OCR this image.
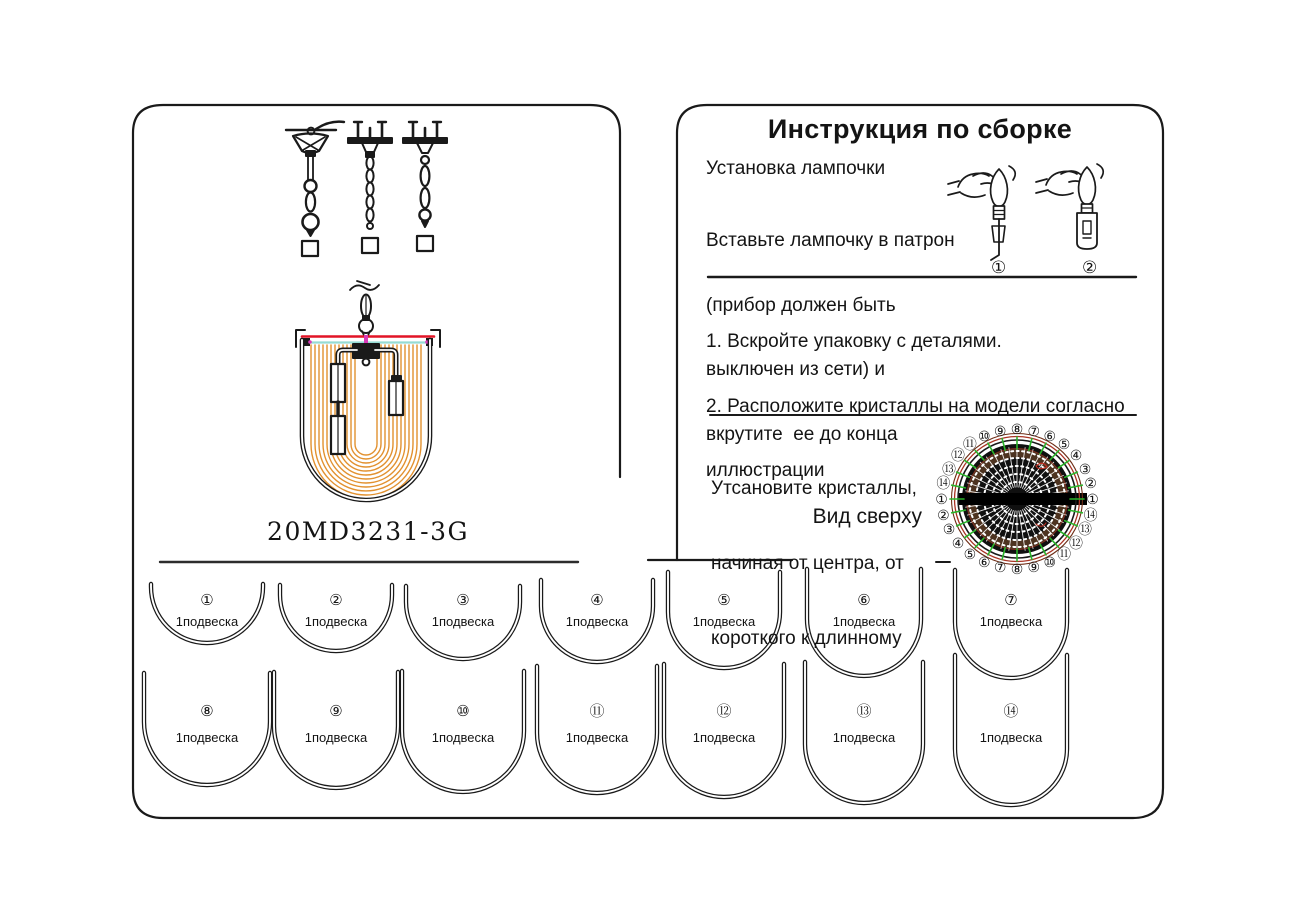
Инструкция по сборке
Установка лампочки

Вставьте лампочку в патрон

(прибор должен быть

выключен из сети) и

вкрутите  ее до конца

①	②

1. Вскройте упаковку с деталями.

2. Расположите кристаллы на модели согласно

иллюстрации

Утсановите кристаллы,

начиная от центра, от

короткого к длинному

Вид сверху
20MD3231-3G
①
②
③
④
⑤
⑥
⑦
⑧
⑨
⑩
⑪
⑫
⑬
⑭
①
②
③
④
⑤
⑥ ⑦ ⑧ ⑨ ⑩
⑪
⑫
⑬
⑭
①
1подвеска
②
1подвеска
③
1подвеска
④
1подвеска
⑤
1подвеска
⑥
1подвеска
⑦
1подвеска
⑧
1подвеска
⑨
1подвеска
⑩
1подвеска
⑪
1подвеска
⑫
1подвеска
⑬
1подвеска
⑭
1подвеска
